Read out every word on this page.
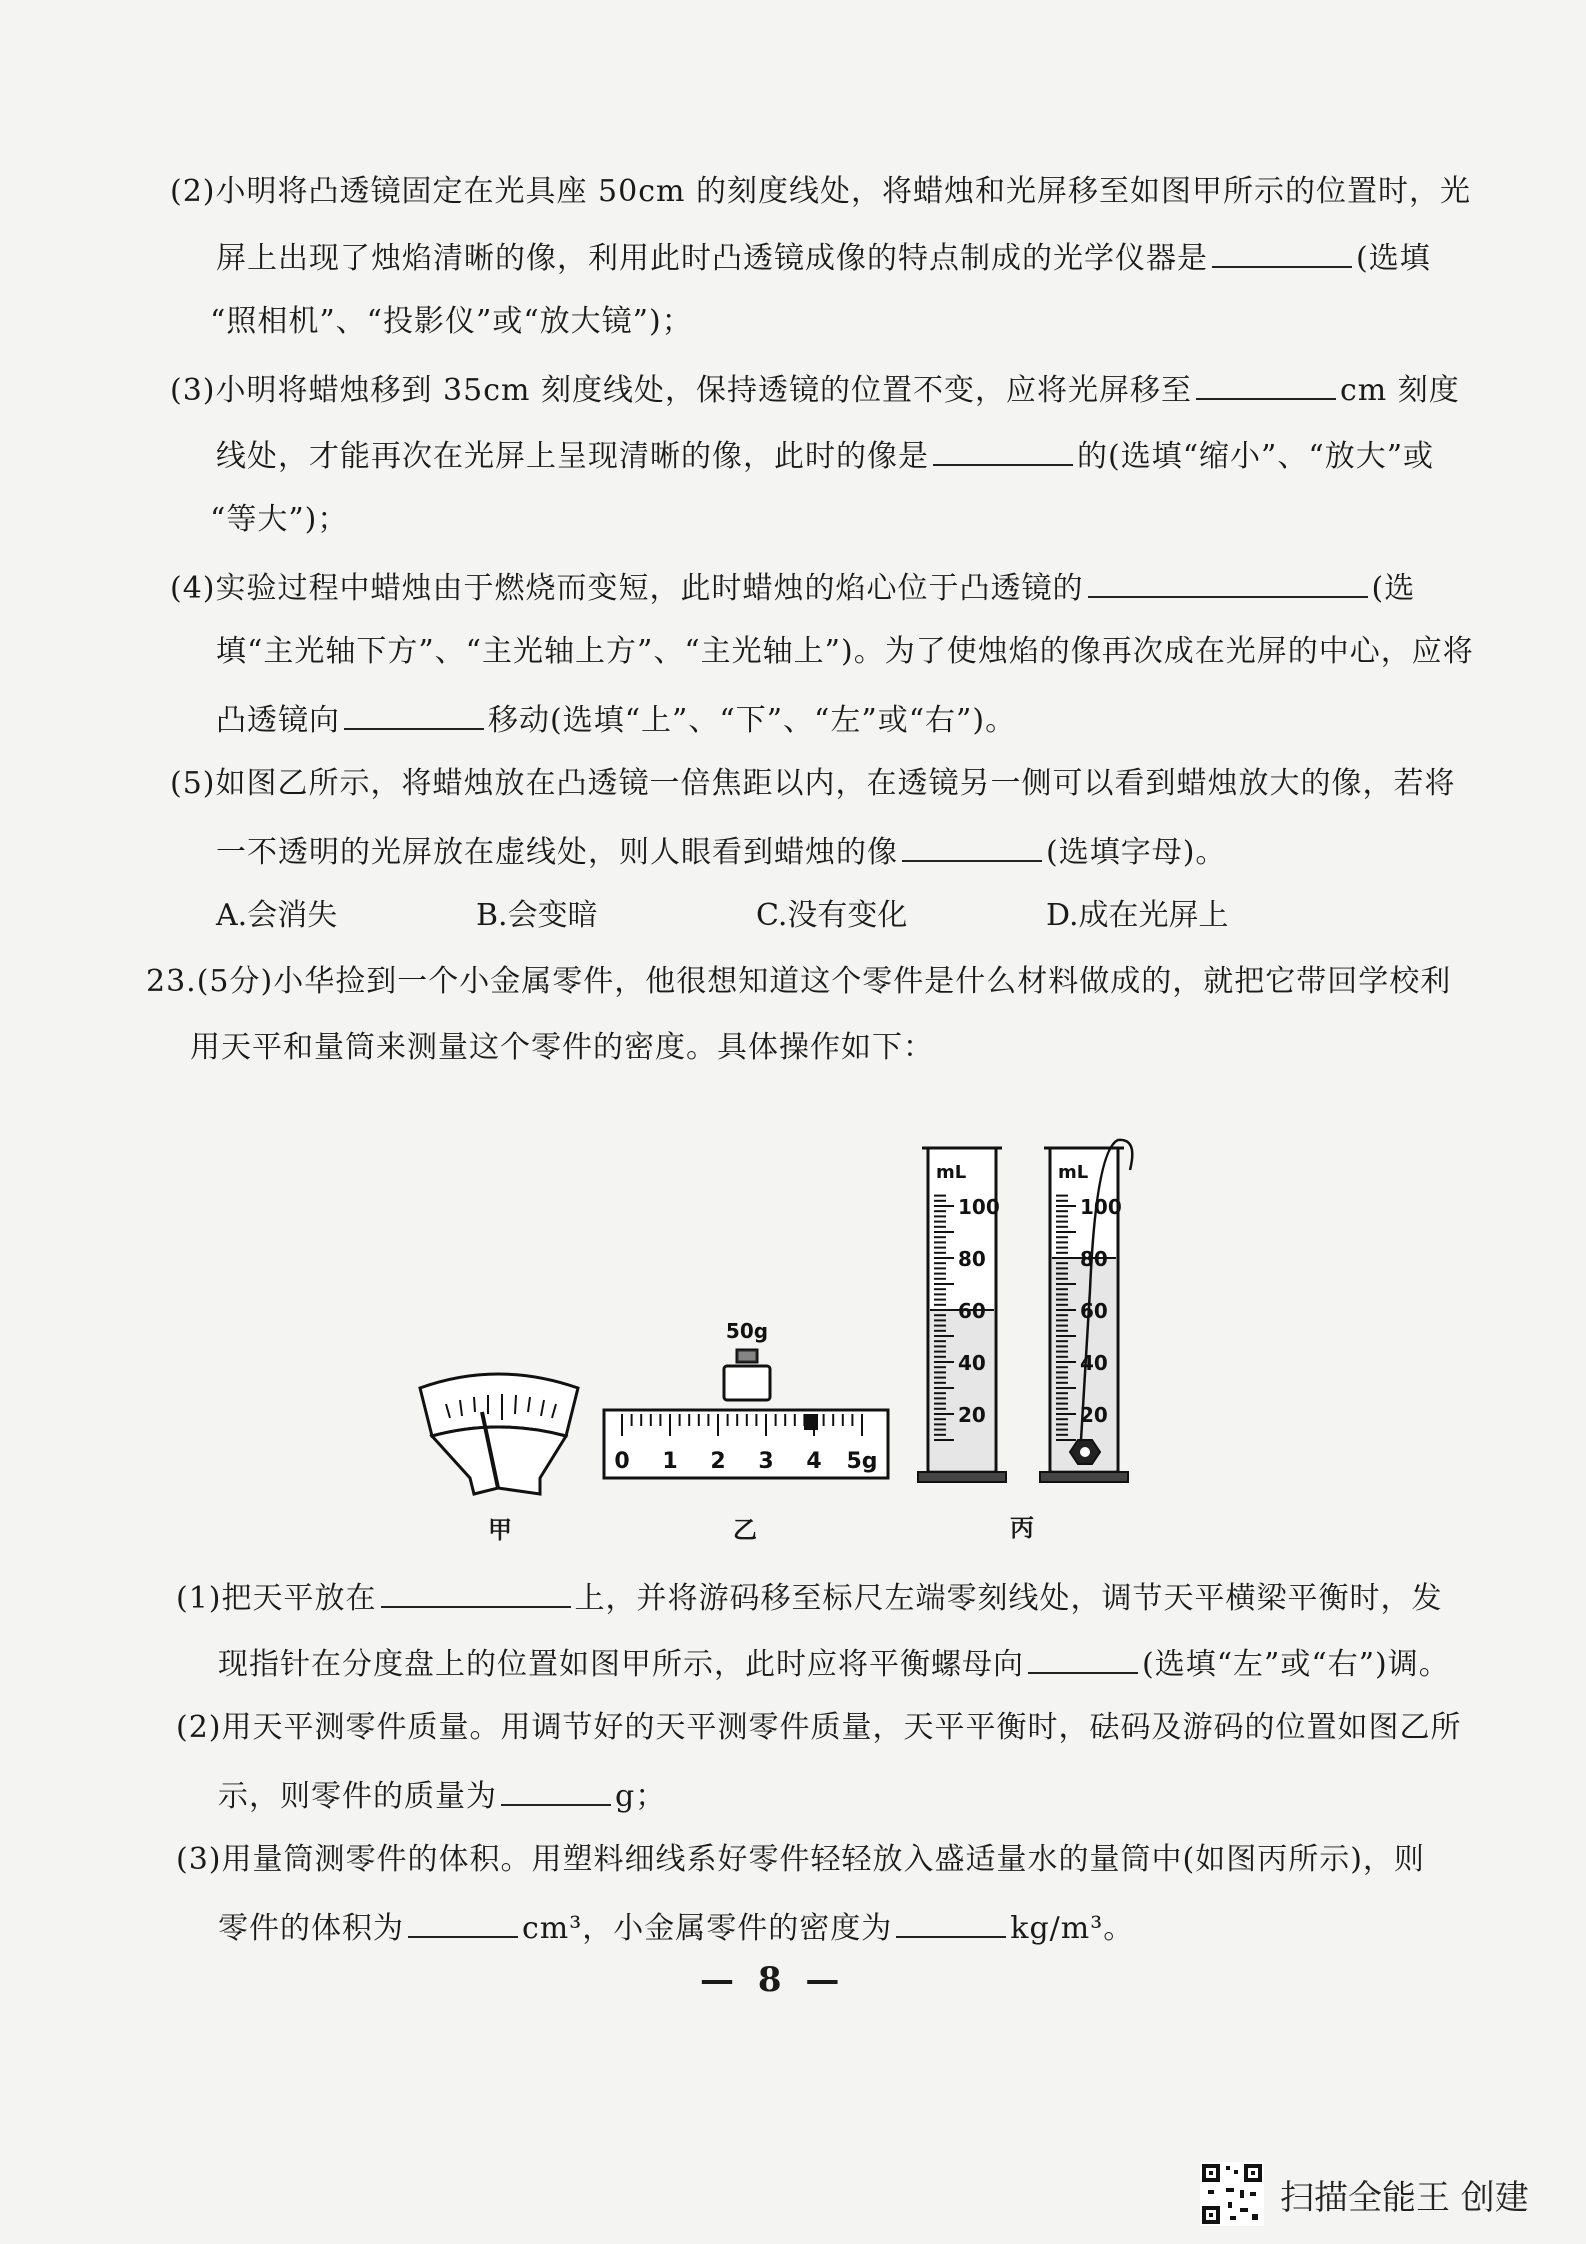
(2)小明将凸透镜固定在光具座 50cm 的刻度线处，将蜡烛和光屏移至如图甲所示的位置时，光
屏上出现了烛焰清晰的像，利用此时凸透镜成像的特点制成的光学仪器是	(选填
“照相机”、“投影仪”或“放大镜”)；
(3)小明将蜡烛移到 35cm 刻度线处，保持透镜的位置不变，应将光屏移至	cm 刻度
线处，才能再次在光屏上呈现清晰的像，此时的像是	的(选填“缩小”、“放大”或
“等大”)；
(4)实验过程中蜡烛由于燃烧而变短，此时蜡烛的焰心位于凸透镜的	(选
填“主光轴下方”、“主光轴上方”、“主光轴上”)。为了使烛焰的像再次成在光屏的中心，应将
凸透镜向	移动(选填“上”、“下”、“左”或“右”)。
(5)如图乙所示，将蜡烛放在凸透镜一倍焦距以内，在透镜另一侧可以看到蜡烛放大的像，若将
一不透明的光屏放在虚线处，则人眼看到蜡烛的像	(选填字母)。
A.会消失	B.会变暗	C.没有变化	D.成在光屏上
23.(5分)小华捡到一个小金属零件，他很想知道这个零件是什么材料做成的，就把它带回学校利
用天平和量筒来测量这个零件的密度。具体操作如下：
50g
0 1 2 3 4 5g
mL
100
80
60
40
20
mL
100
80
60
40
20
甲	乙	丙
(1)把天平放在	上，并将游码移至标尺左端零刻线处，调节天平横梁平衡时，发
现指针在分度盘上的位置如图甲所示，此时应将平衡螺母向	(选填“左”或“右”)调。
(2)用天平测零件质量。用调节好的天平测零件质量，天平平衡时，砝码及游码的位置如图乙所
示，则零件的质量为	g；
(3)用量筒测零件的体积。用塑料细线系好零件轻轻放入盛适量水的量筒中(如图丙所示)，则
零件的体积为	cm³，小金属零件的密度为	kg/m³。
— 8 —
扫描全能王 创建
